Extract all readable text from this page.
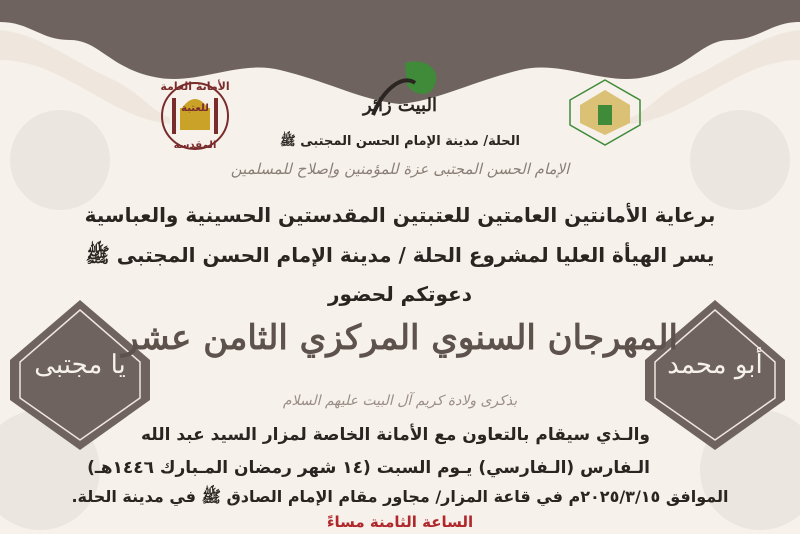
يا مجتبى	أبو محمد
الأمانة العامة
للعتبة
المقدسة
البيت زائر
الحلة/ مدينة الإمام الحسن المجتبى ﷺ
الإمام الحسن المجتبى عزة للمؤمنين وإصلاح للمسلمين
برعاية الأمانتين العامتين للعتبتين المقدستين الحسينية والعباسية
يسر الهيأة العليا لمشروع الحلة / مدينة الإمام الحسن المجتبى ﷺ
دعوتكم لحضور
المهرجان السنوي المركزي الثامن عشر
بذكرى ولادة كريم آل البيت عليهم السلام
والـذي سيقام بالتعاون مع الأمانة الخاصة لمزار السيد عبد الله
الـفارس (الـفارسي) يـوم السبت (١٤ شهر رمضان المـبارك ١٤٤٦هـ)
الموافق ٢٠٢٥/٣/١٥م في قاعة المزار/ مجاور مقام الإمام الصادق ﷺ في مدينة الحلة.
الساعة الثامنة مساءً
